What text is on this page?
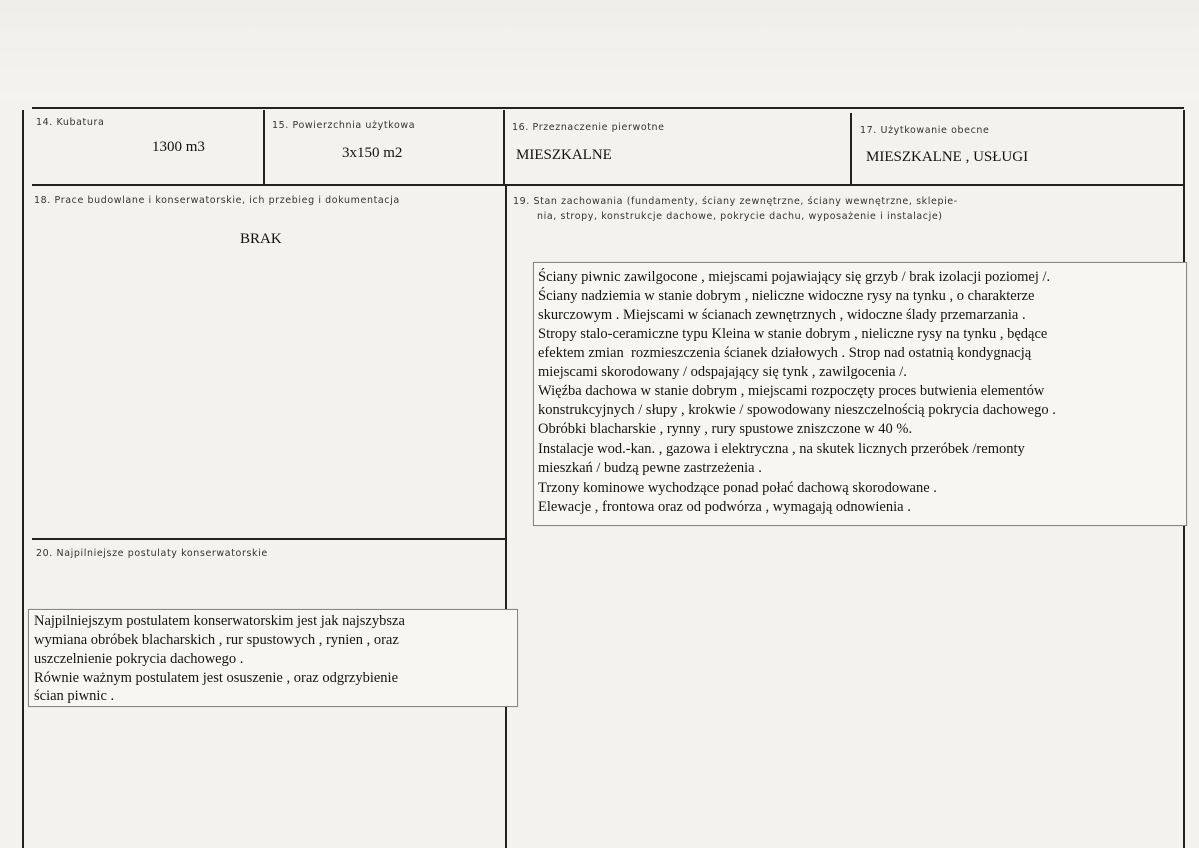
14. Kubatura
1300 m3
15. Powierzchnia użytkowa
3x150 m2
16. Przeznaczenie pierwotne
MIESZKALNE
17. Użytkowanie obecne
MIESZKALNE , USŁUGI
18. Prace budowlane i konserwatorskie, ich przebieg i dokumentacja
BRAK
19. Stan zachowania (fundamenty, ściany zewnętrzne, ściany wewnętrzne, sklepie-
nia, stropy, konstrukcje dachowe, pokrycie dachu, wyposażenie i instalacje)
Ściany piwnic zawilgocone , miejscami pojawiający się grzyb / brak izolacji poziomej /.
Ściany nadziemia w stanie dobrym , nieliczne widoczne rysy na tynku , o charakterze
skurczowym . Miejscami w ścianach zewnętrznych , widoczne ślady przemarzania .
Stropy stalo-ceramiczne typu Kleina w stanie dobrym , nieliczne rysy na tynku , będące
efektem zmian  rozmieszczenia ścianek działowych . Strop nad ostatnią kondygnacją
miejscami skorodowany / odspajający się tynk , zawilgocenia /.
Więźba dachowa w stanie dobrym , miejscami rozpoczęty proces butwienia elementów
konstrukcyjnych / słupy , krokwie / spowodowany nieszczelnością pokrycia dachowego .
Obróbki blacharskie , rynny , rury spustowe zniszczone w 40 %.
Instalacje wod.-kan. , gazowa i elektryczna , na skutek licznych przeróbek /remonty
mieszkań / budzą pewne zastrzeżenia .
Trzony kominowe wychodzące ponad połać dachową skorodowane .
Elewacje , frontowa oraz od podwórza , wymagają odnowienia .
20. Najpilniejsze postulaty konserwatorskie
Najpilniejszym postulatem konserwatorskim jest jak najszybsza
wymiana obróbek blacharskich , rur spustowych , rynien , oraz
uszczelnienie pokrycia dachowego .
Równie ważnym postulatem jest osuszenie , oraz odgrzybienie
ścian piwnic .
